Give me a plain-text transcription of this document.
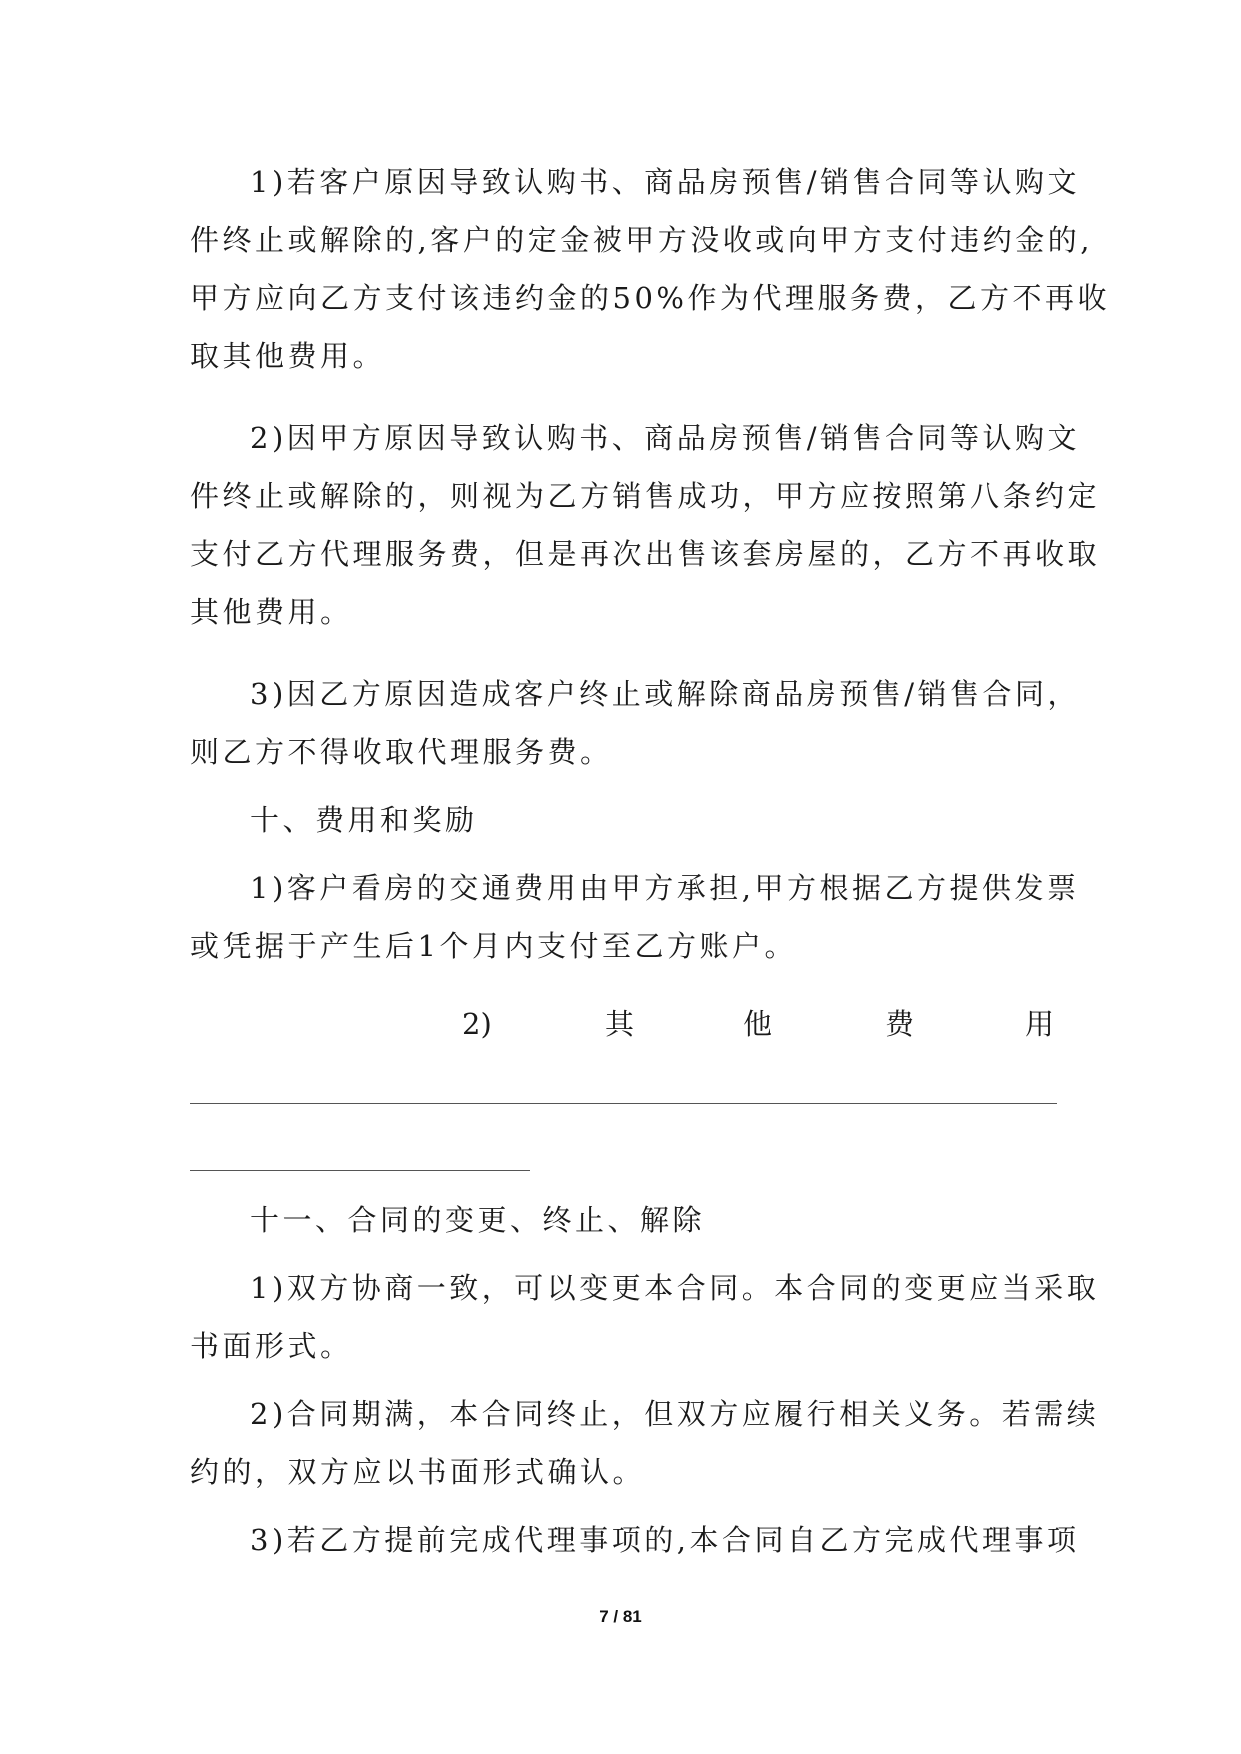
1)若客户原因导致认购书、商品房预售/销售合同等认购文
件终止或解除的,客户的定金被甲方没收或向甲方支付违约金的,
甲方应向乙方支付该违约金的50%作为代理服务费，乙方不再收
取其他费用。
2)因甲方原因导致认购书、商品房预售/销售合同等认购文
件终止或解除的，则视为乙方销售成功，甲方应按照第八条约定
支付乙方代理服务费，但是再次出售该套房屋的，乙方不再收取
其他费用。
3)因乙方原因造成客户终止或解除商品房预售/销售合同，
则乙方不得收取代理服务费。
十、费用和奖励
1)客户看房的交通费用由甲方承担,甲方根据乙方提供发票
或凭据于产生后1个月内支付至乙方账户。
2)	其	他	费	用
十一、合同的变更、终止、解除
1)双方协商一致，可以变更本合同。本合同的变更应当采取
书面形式。
2)合同期满，本合同终止，但双方应履行相关义务。若需续
约的，双方应以书面形式确认。
3)若乙方提前完成代理事项的,本合同自乙方完成代理事项
7 / 81
